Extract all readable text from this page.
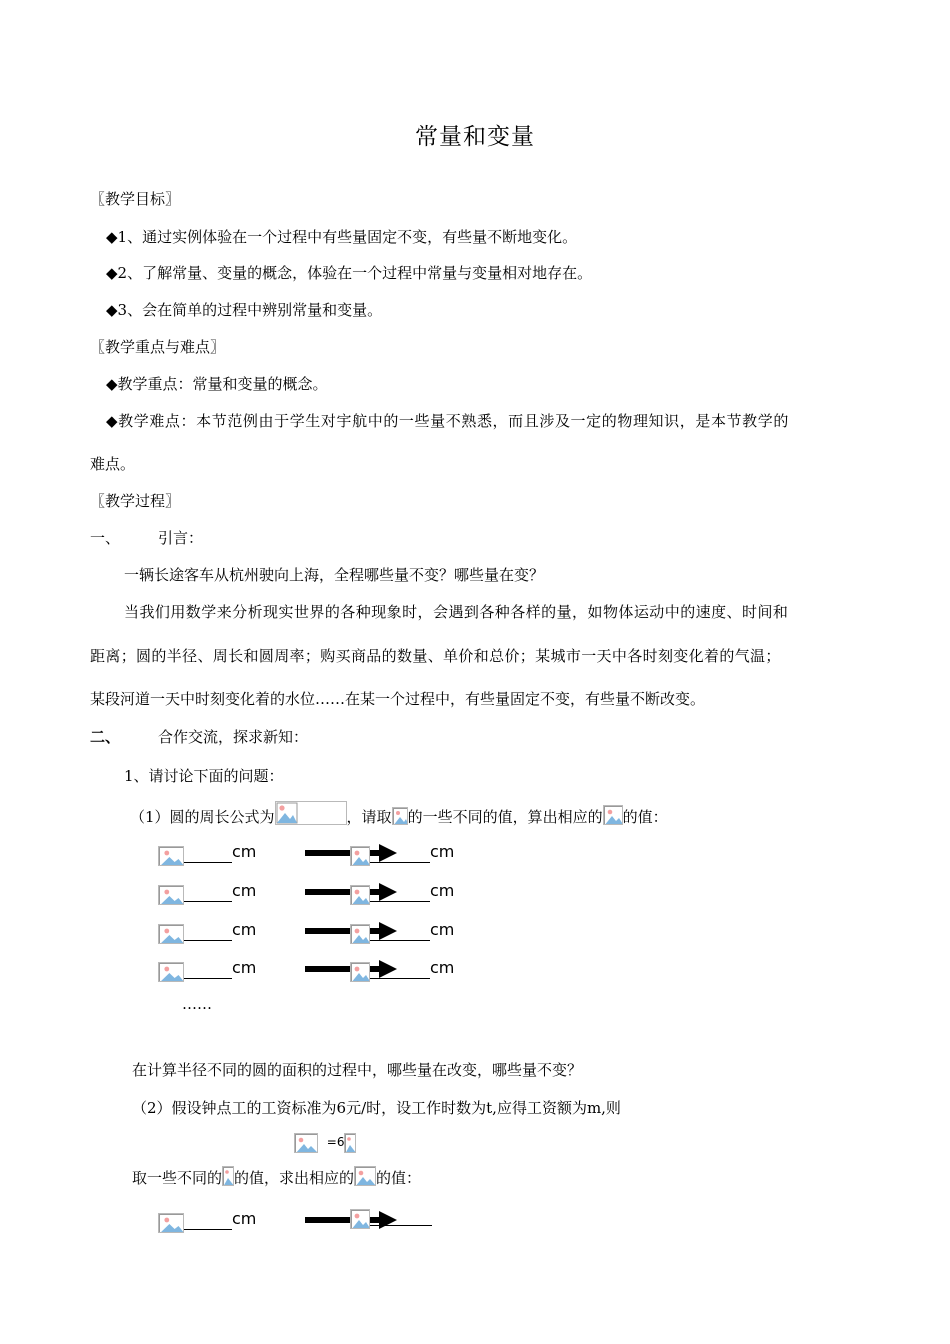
常量和变量
〖教学目标〗
◆1、通过实例体验在一个过程中有些量固定不变，有些量不断地变化。
◆2、了解常量、变量的概念，体验在一个过程中常量与变量相对地存在。
◆3、会在简单的过程中辨别常量和变量。
〖教学重点与难点〗
◆教学重点：常量和变量的概念。
◆教学难点：本节范例由于学生对宇航中的一些量不熟悉，而且涉及一定的物理知识，是本节教学的
难点。
〖教学过程〗
一、	引言：
一辆长途客车从杭州驶向上海，全程哪些量不变？哪些量在变？
当我们用数学来分析现实世界的各种现象时，会遇到各种各样的量，如物体运动中的速度、时间和
距离；圆的半径、周长和圆周率；购买商品的数量、单价和总价；某城市一天中各时刻变化着的气温；
某段河道一天中时刻变化着的水位……在某一个过程中，有些量固定不变，有些量不断改变。
二、	合作交流，探求新知：
1、请讨论下面的问题：
（1）圆的周长公式为	，请取 的一些不同的值，算出相应的 的值：
cm	cm
cm	cm
cm	cm
cm	cm
……
在计算半径不同的圆的面积的过程中，哪些量在改变，哪些量不变？
（2）假设钟点工的工资标准为6元/时，设工作时数为t,应得工资额为m,则
$^{=6}$
取一些不同的 的值，求出相应的 的值：
cm
